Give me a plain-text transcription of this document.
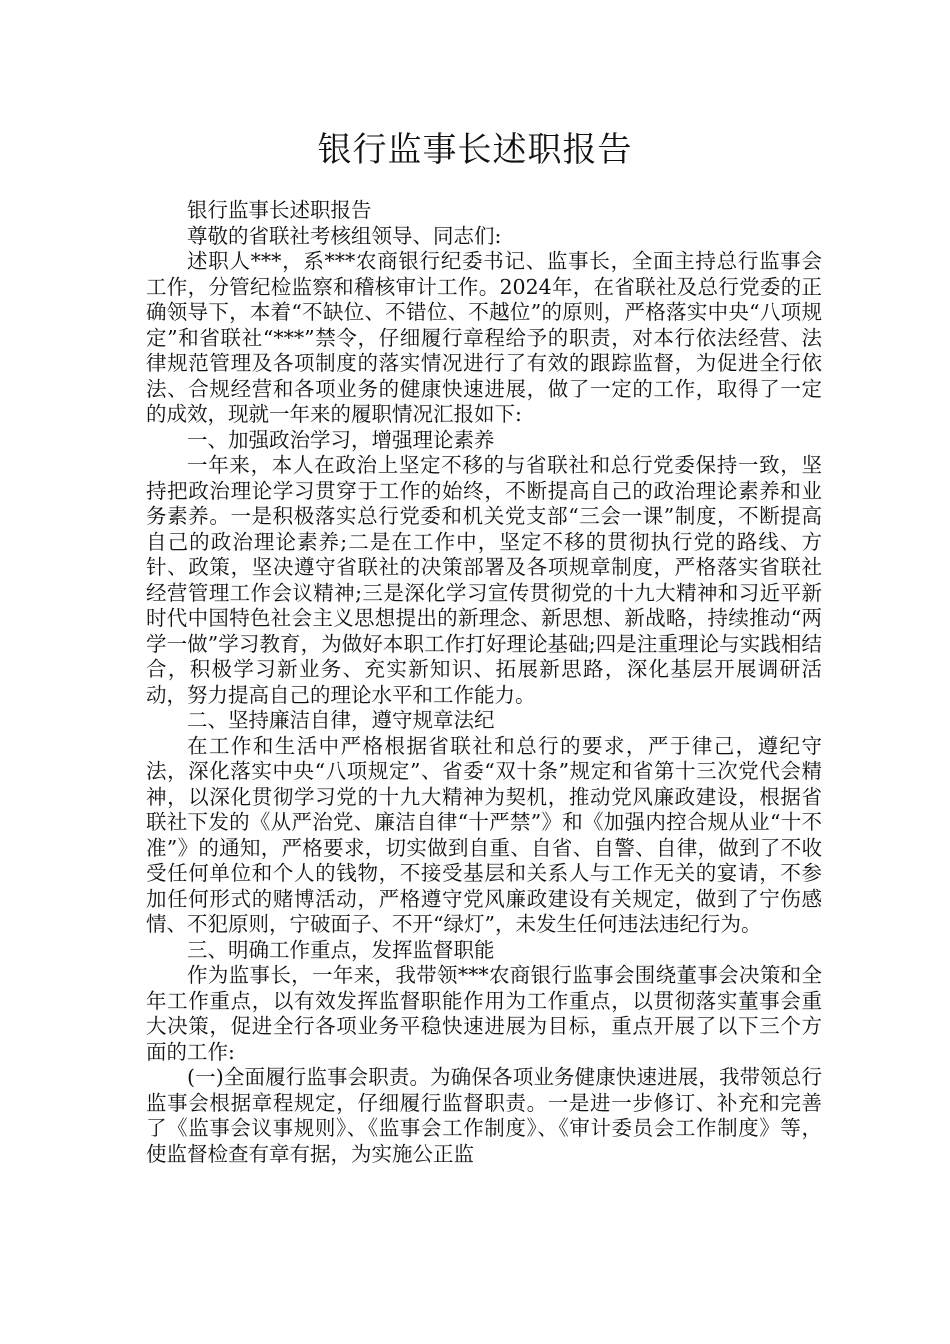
银行监事长述职报告

银行监事长述职报告

尊敬的省联社考核组领导、同志们:

述职人***，系***农商银行纪委书记、监事长，全面主持总行监事会工作，分管纪检监察和稽核审计工作。2024年，在省联社及总行党委的正确领导下，本着“不缺位、不错位、不越位”的原则，严格落实中央“八项规定”和省联社“***”禁令，仔细履行章程给予的职责，对本行依法经营、法律规范管理及各项制度的落实情况进行了有效的跟踪监督，为促进全行依法、合规经营和各项业务的健康快速进展，做了一定的工作，取得了一定的成效，现就一年来的履职情况汇报如下:

一、加强政治学习，增强理论素养

一年来，本人在政治上坚定不移的与省联社和总行党委保持一致，坚持把政治理论学习贯穿于工作的始终，不断提高自己的政治理论素养和业务素养。一是积极落实总行党委和机关党支部“三会一课”制度，不断提高自己的政治理论素养;二是在工作中，坚定不移的贯彻执行党的路线、方针、政策，坚决遵守省联社的决策部署及各项规章制度，严格落实省联社经营管理工作会议精神;三是深化学习宣传贯彻党的十九大精神和习近平新时代中国特色社会主义思想提出的新理念、新思想、新战略，持续推动“两学一做”学习教育，为做好本职工作打好理论基础;四是注重理论与实践相结合，积极学习新业务、充实新知识、拓展新思路，深化基层开展调研活动，努力提高自己的理论水平和工作能力。

二、坚持廉洁自律，遵守规章法纪

在工作和生活中严格根据省联社和总行的要求，严于律己，遵纪守法，深化落实中央“八项规定”、省委“双十条”规定和省第十三次党代会精神，以深化贯彻学习党的十九大精神为契机，推动党风廉政建设，根据省联社下发的《从严治党、廉洁自律“十严禁”》和《加强内控合规从业“十不准”》的通知，严格要求，切实做到自重、自省、自警、自律，做到了不收受任何单位和个人的钱物，不接受基层和关系人与工作无关的宴请，不参加任何形式的赌博活动，严格遵守党风廉政建设有关规定，做到了宁伤感情、不犯原则，宁破面子、不开“绿灯”，未发生任何违法违纪行为。

三、明确工作重点，发挥监督职能

作为监事长，一年来，我带领***农商银行监事会围绕董事会决策和全年工作重点，以有效发挥监督职能作用为工作重点，以贯彻落实董事会重大决策，促进全行各项业务平稳快速进展为目标，重点开展了以下三个方面的工作:

(一)全面履行监事会职责。为确保各项业务健康快速进展，我带领总行监事会根据章程规定，仔细履行监督职责。一是进一步修订、补充和完善了《监事会议事规则》、《监事会工作制度》、《审计委员会工作制度》等，使监督检查有章有据，为实施公正监
